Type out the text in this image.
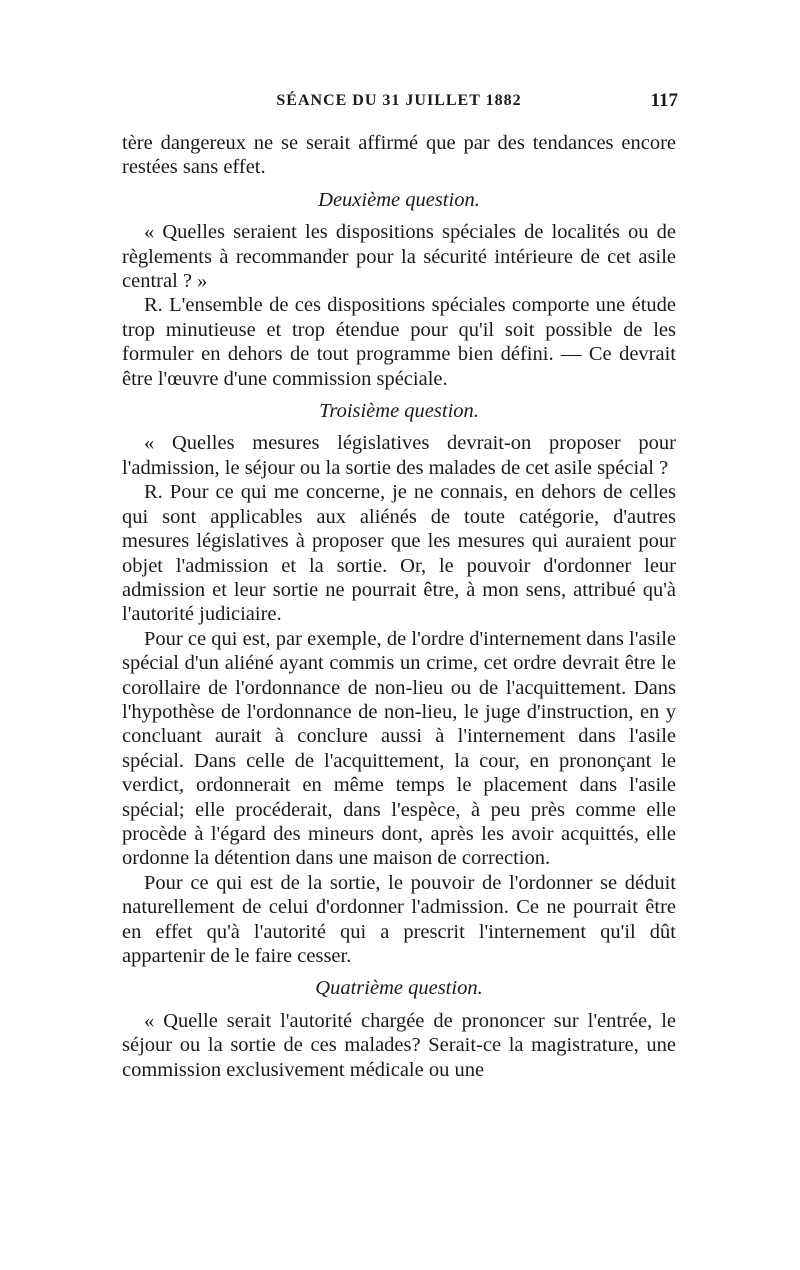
SÉANCE DU 31 JUILLET 1882	117

tère dangereux ne se serait affirmé que par des tendances encore restées sans effet.

Deuxième question.

« Quelles seraient les dispositions spéciales de localités ou de règlements à recommander pour la sécurité intérieure de cet asile central ? »

R. L'ensemble de ces dispositions spéciales comporte une étude trop minutieuse et trop étendue pour qu'il soit possible de les formuler en dehors de tout programme bien défini. — Ce devrait être l'œuvre d'une commission spéciale.

Troisième question.

« Quelles mesures législatives devrait-on proposer pour l'admission, le séjour ou la sortie des malades de cet asile spécial ?

R. Pour ce qui me concerne, je ne connais, en dehors de celles qui sont applicables aux aliénés de toute catégorie, d'autres mesures législatives à proposer que les mesures qui auraient pour objet l'admission et la sortie. Or, le pouvoir d'ordonner leur admission et leur sortie ne pourrait être, à mon sens, attribué qu'à l'autorité judiciaire.

Pour ce qui est, par exemple, de l'ordre d'internement dans l'asile spécial d'un aliéné ayant commis un crime, cet ordre devrait être le corollaire de l'ordonnance de non-lieu ou de l'acquittement. Dans l'hypothèse de l'ordonnance de non-lieu, le juge d'instruction, en y concluant aurait à conclure aussi à l'internement dans l'asile spécial. Dans celle de l'acquittement, la cour, en prononçant le verdict, ordonnerait en même temps le placement dans l'asile spécial; elle procéderait, dans l'espèce, à peu près comme elle procède à l'égard des mineurs dont, après les avoir acquittés, elle ordonne la détention dans une maison de correction.

Pour ce qui est de la sortie, le pouvoir de l'ordonner se déduit naturellement de celui d'ordonner l'admission. Ce ne pourrait être en effet qu'à l'autorité qui a prescrit l'internement qu'il dût appartenir de le faire cesser.

Quatrième question.

« Quelle serait l'autorité chargée de prononcer sur l'entrée, le séjour ou la sortie de ces malades? Serait-ce la magistrature, une commission exclusivement médicale ou une
